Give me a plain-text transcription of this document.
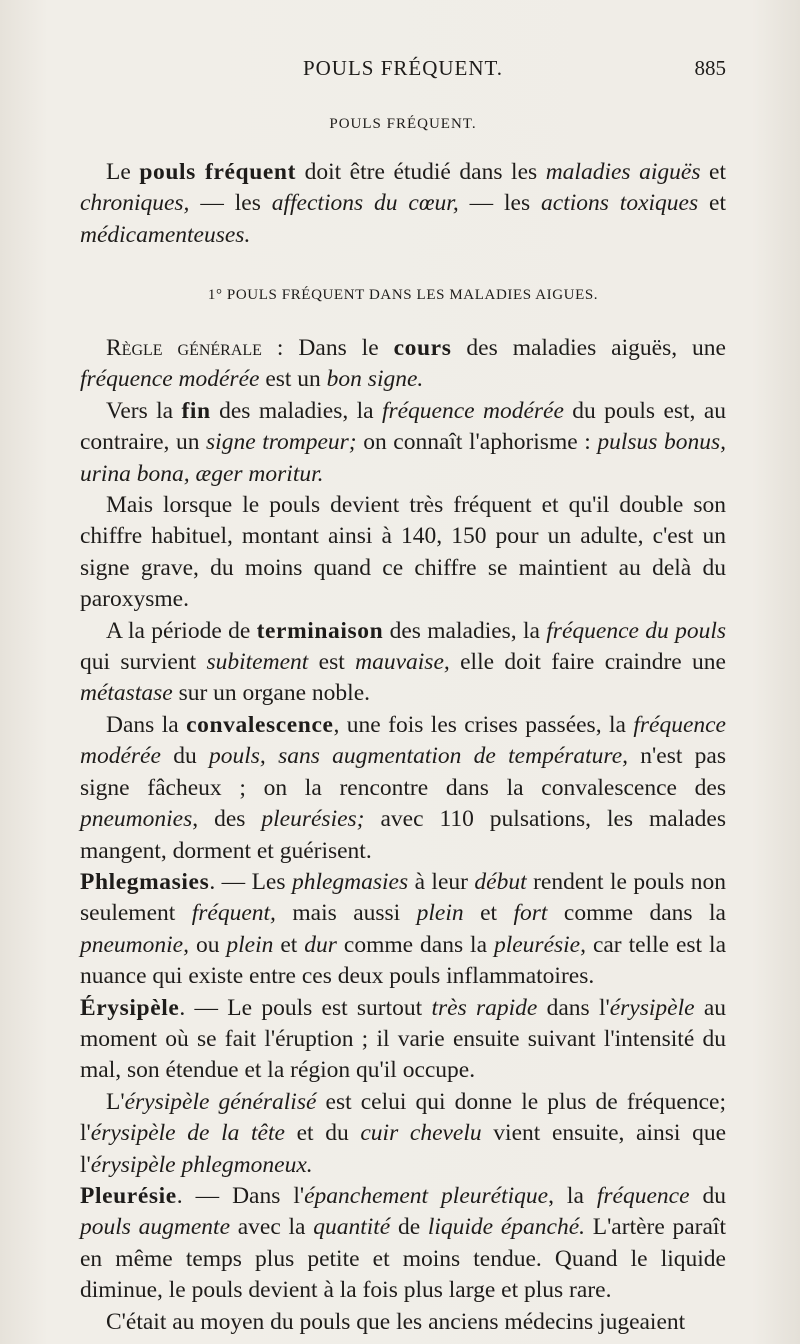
POULS FRÉQUENT.	885
POULS FRÉQUENT.

Le pouls fréquent doit être étudié dans les maladies aiguës et chroniques, — les affections du cœur, — les actions toxiques et médicamenteuses.

1° POULS FRÉQUENT DANS LES MALADIES AIGUES.

Règle générale : Dans le cours des maladies aiguës, une fréquence modérée est un bon signe.

Vers la fin des maladies, la fréquence modérée du pouls est, au contraire, un signe trompeur; on connaît l'aphorisme : pulsus bonus, urina bona, æger moritur.

Mais lorsque le pouls devient très fréquent et qu'il double son chiffre habituel, montant ainsi à 140, 150 pour un adulte, c'est un signe grave, du moins quand ce chiffre se maintient au delà du paroxysme.

A la période de terminaison des maladies, la fréquence du pouls qui survient subitement est mauvaise, elle doit faire craindre une métastase sur un organe noble.

Dans la convalescence, une fois les crises passées, la fréquence modérée du pouls, sans augmentation de température, n'est pas signe fâcheux ; on la rencontre dans la convalescence des pneumonies, des pleurésies; avec 110 pulsations, les malades mangent, dorment et guérisent.

Phlegmasies. — Les phlegmasies à leur début rendent le pouls non seulement fréquent, mais aussi plein et fort comme dans la pneumonie, ou plein et dur comme dans la pleurésie, car telle est la nuance qui existe entre ces deux pouls inflammatoires.

Érysipèle. — Le pouls est surtout très rapide dans l'érysipèle au moment où se fait l'éruption ; il varie ensuite suivant l'intensité du mal, son étendue et la région qu'il occupe.

L'érysipèle généralisé est celui qui donne le plus de fréquence; l'érysipèle de la tête et du cuir chevelu vient ensuite, ainsi que l'érysipèle phlegmoneux.

Pleurésie. — Dans l'épanchement pleurétique, la fréquence du pouls augmente avec la quantité de liquide épanché. L'artère paraît en même temps plus petite et moins tendue. Quand le liquide diminue, le pouls devient à la fois plus large et plus rare.

C'était au moyen du pouls que les anciens médecins jugeaient
